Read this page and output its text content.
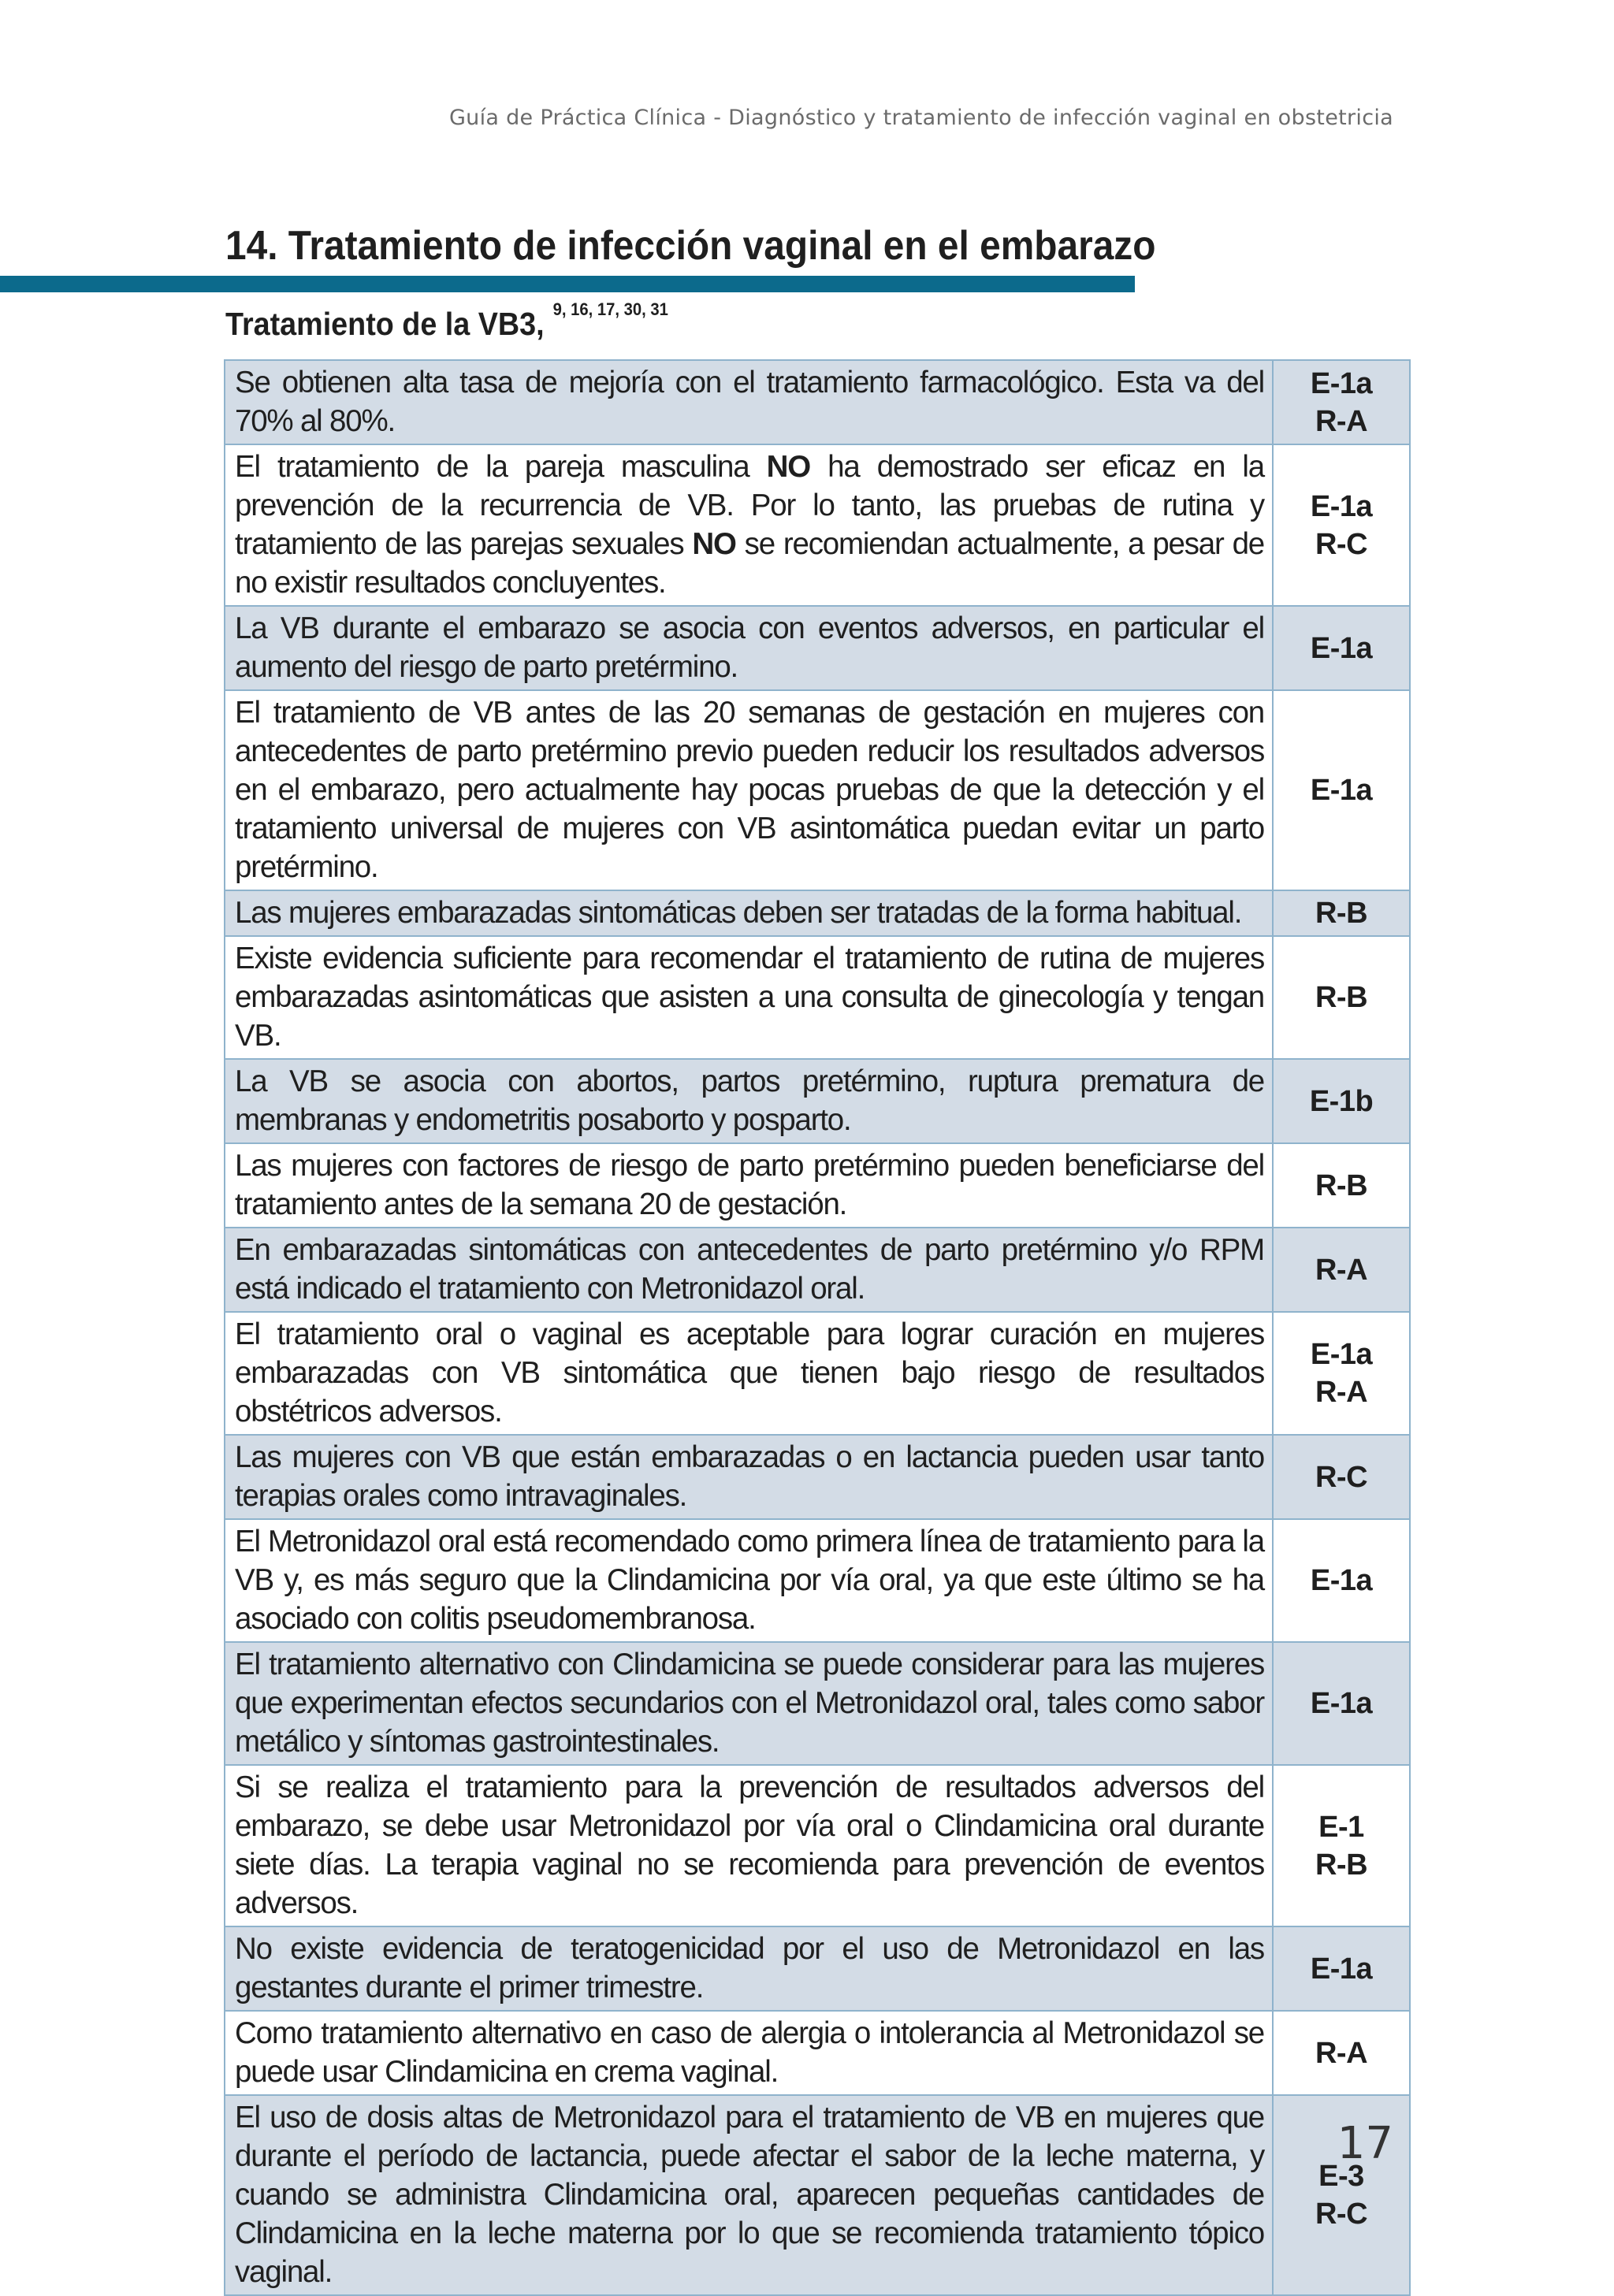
Guía de Práctica Clínica - Diagnóstico y tratamiento de infección vaginal en obstetricia
14. Tratamiento de infección vaginal en el embarazo
Tratamiento de la VB3, $^{9, 16, 17, 30, 31}$
Se obtienen alta tasa de mejoría con el tratamiento farmacológico. Esta va del 70% al 80%.	E-1a
R-A

El tratamiento de la pareja masculina NO ha demostrado ser eficaz en la prevención de la recurrencia de VB. Por lo tanto, las pruebas de rutina y tratamiento de las parejas sexuales NO se recomiendan actualmente, a pesar de no existir resultados concluyentes.	E-1a
R-C

La VB durante el embarazo se asocia con eventos adversos, en particular el aumento del riesgo de parto pretérmino.	E-1a

El tratamiento de VB antes de las 20 semanas de gestación en mujeres con antecedentes de parto pretérmino previo pueden reducir los resultados adversos en el embarazo, pero actualmente hay pocas pruebas de que la detección y el tratamiento universal de mujeres con VB asintomática puedan evitar un parto pretérmino.	E-1a

Las mujeres embarazadas sintomáticas deben ser tratadas de la forma habitual.	R-B

Existe evidencia suficiente para recomendar el tratamiento de rutina de mujeres embarazadas asintomáticas que asisten a una consulta de ginecología y tengan VB.	R-B

La VB se asocia con abortos, partos pretérmino, ruptura prematura de membranas y endometritis posaborto y posparto.	E-1b

Las mujeres con factores de riesgo de parto pretérmino pueden beneficiarse del tratamiento antes de la semana 20 de gestación.	R-B

En embarazadas sintomáticas con antecedentes de parto pretérmino y/o RPM está indicado el tratamiento con Metronidazol oral.	R-A

El tratamiento oral o vaginal es aceptable para lograr curación en mujeres embarazadas con VB sintomática que tienen bajo riesgo de resultados obstétricos adversos.	E-1a
R-A

Las mujeres con VB que están embarazadas o en lactancia pueden usar tanto terapias orales como intravaginales.	R-C

El Metronidazol oral está recomendado como primera línea de tratamiento para la VB y, es más seguro que la Clindamicina por vía oral, ya que este último se ha asociado con colitis pseudomembranosa.	E-1a

El tratamiento alternativo con Clindamicina se puede considerar para las mujeres que experimentan efectos secundarios con el Metronidazol oral, tales como sabor metálico y síntomas gastrointestinales.	E-1a

Si se realiza el tratamiento para la prevención de resultados adversos del embarazo, se debe usar Metronidazol por vía oral o Clindamicina oral durante siete días. La terapia vaginal no se recomienda para prevención de eventos adversos.	E-1
R-B

No existe evidencia de teratogenicidad por el uso de Metronidazol en las gestantes durante el primer trimestre.	E-1a

Como tratamiento alternativo en caso de alergia o intolerancia al Metronidazol se puede usar Clindamicina en crema vaginal.	R-A

El uso de dosis altas de Metronidazol para el tratamiento de VB en mujeres que durante el período de lactancia, puede afectar el sabor de la leche materna, y cuando se administra Clindamicina oral, aparecen pequeñas cantidades de Clindamicina en la leche materna por lo que se recomienda tratamiento tópico vaginal.	E-3
R-C
17
